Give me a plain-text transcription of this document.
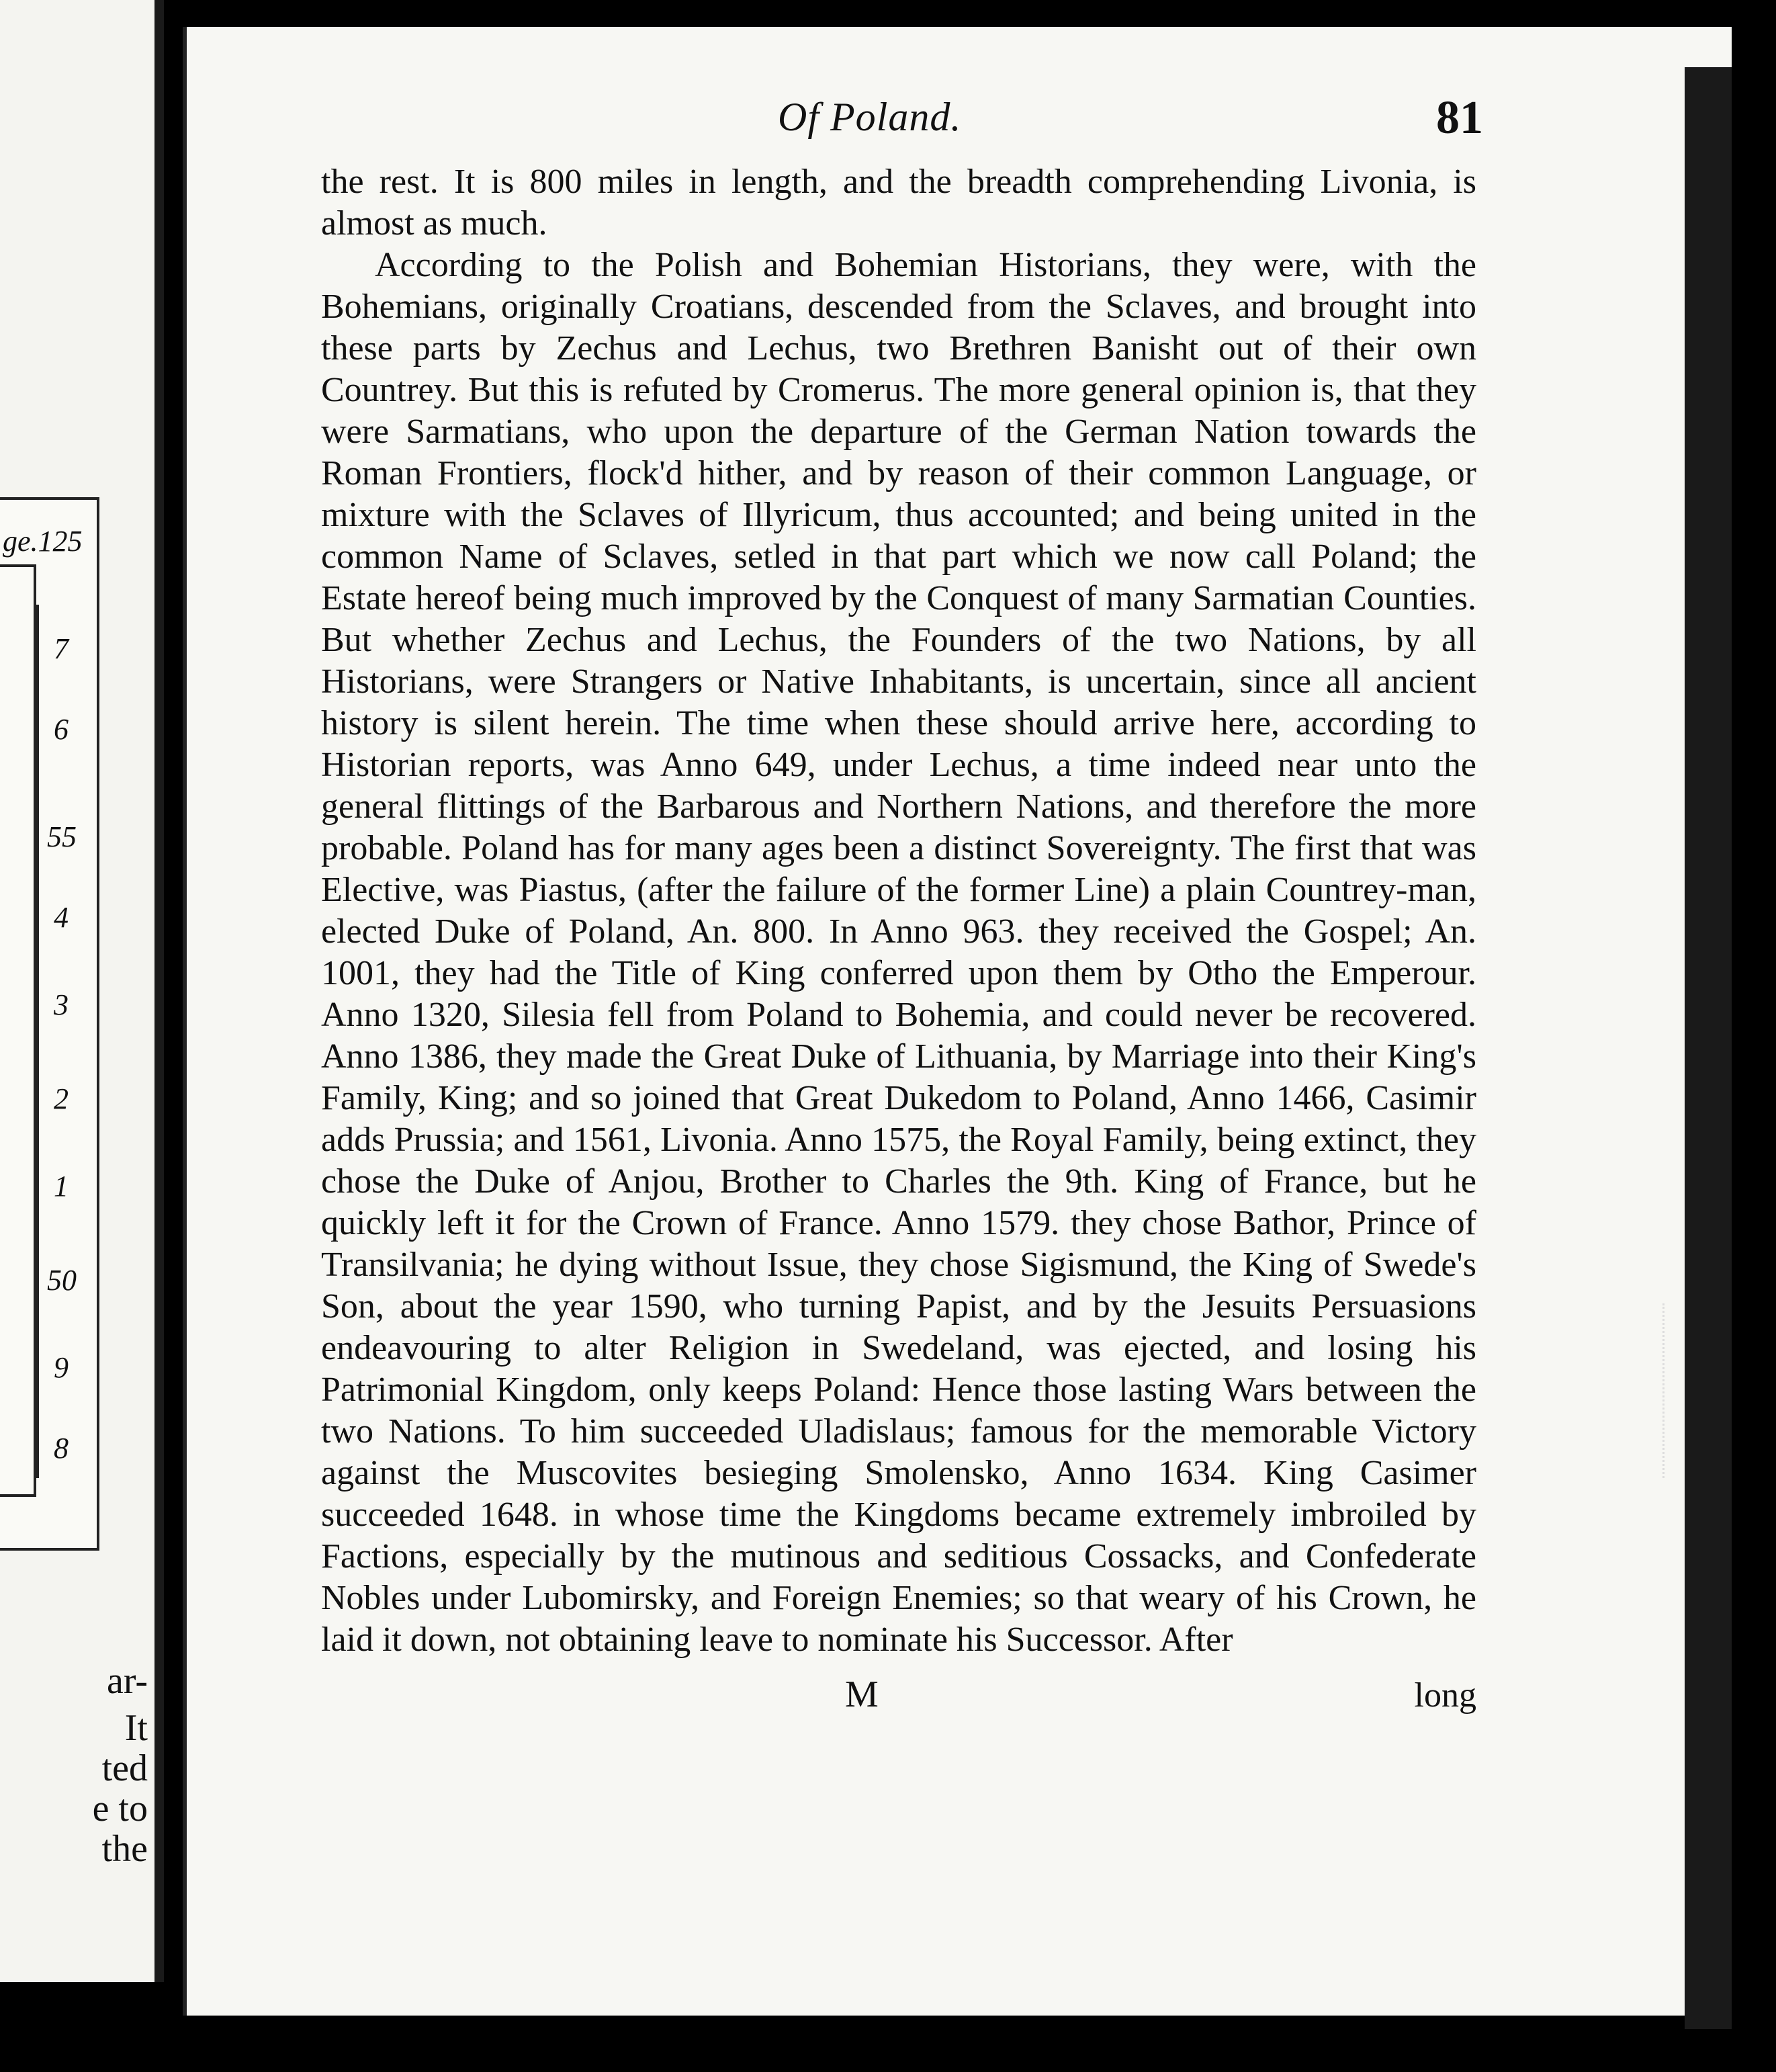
ge.125
7
6
55
4
3
2
1
50
9
8
ar-
It
ted
e to
the
Of Poland.	81

the rest. It is 800 miles in length, and the breadth comprehending Livonia, is almost as much.

According to the Polish and Bohemian Historians, they were, with the Bohemians, originally Croatians, descended from the Sclaves, and brought into these parts by Zechus and Lechus, two Brethren Banisht out of their own Countrey. But this is refuted by Cromerus. The more general opinion is, that they were Sarmatians, who upon the departure of the German Nation towards the Roman Frontiers, flock'd hither, and by reason of their common Language, or mixture with the Sclaves of Illyricum, thus accounted; and being united in the common Name of Sclaves, setled in that part which we now call Poland; the Estate hereof being much improved by the Conquest of many Sarmatian Counties. But whether Zechus and Lechus, the Founders of the two Nations, by all Historians, were Strangers or Native Inhabitants, is uncertain, since all ancient history is silent herein. The time when these should arrive here, according to Historian reports, was Anno 649, under Lechus, a time indeed near unto the general flittings of the Barbarous and Northern Nations, and therefore the more probable. Poland has for many ages been a distinct Sovereignty. The first that was Elective, was Piastus, (after the failure of the former Line) a plain Countrey-man, elected Duke of Poland, An. 800. In Anno 963. they received the Gospel; An. 1001, they had the Title of King conferred upon them by Otho the Emperour. Anno 1320, Silesia fell from Poland to Bohemia, and could never be recovered. Anno 1386, they made the Great Duke of Lithuania, by Marriage into their King's Family, King; and so joined that Great Dukedom to Poland, Anno 1466, Casimir adds Prussia; and 1561, Livonia. Anno 1575, the Royal Family, being extinct, they chose the Duke of Anjou, Brother to Charles the 9th. King of France, but he quickly left it for the Crown of France. Anno 1579. they chose Bathor, Prince of Transilvania; he dying without Issue, they chose Sigismund, the King of Swede's Son, about the year 1590, who turning Papist, and by the Jesuits Persuasions endeavouring to alter Religion in Swedeland, was ejected, and losing his Patrimonial Kingdom, only keeps Poland: Hence those lasting Wars between the two Nations. To him succeeded Uladislaus; famous for the memorable Victory against the Muscovites besieging Smolensko, Anno 1634. King Casimer succeeded 1648. in whose time the Kingdoms became extremely imbroiled by Factions, especially by the mutinous and seditious Cossacks, and Confederate Nobles under Lubomirsky, and Foreign Enemies; so that weary of his Crown, he laid it down, not obtaining leave to nominate his Successor. After

M	long
